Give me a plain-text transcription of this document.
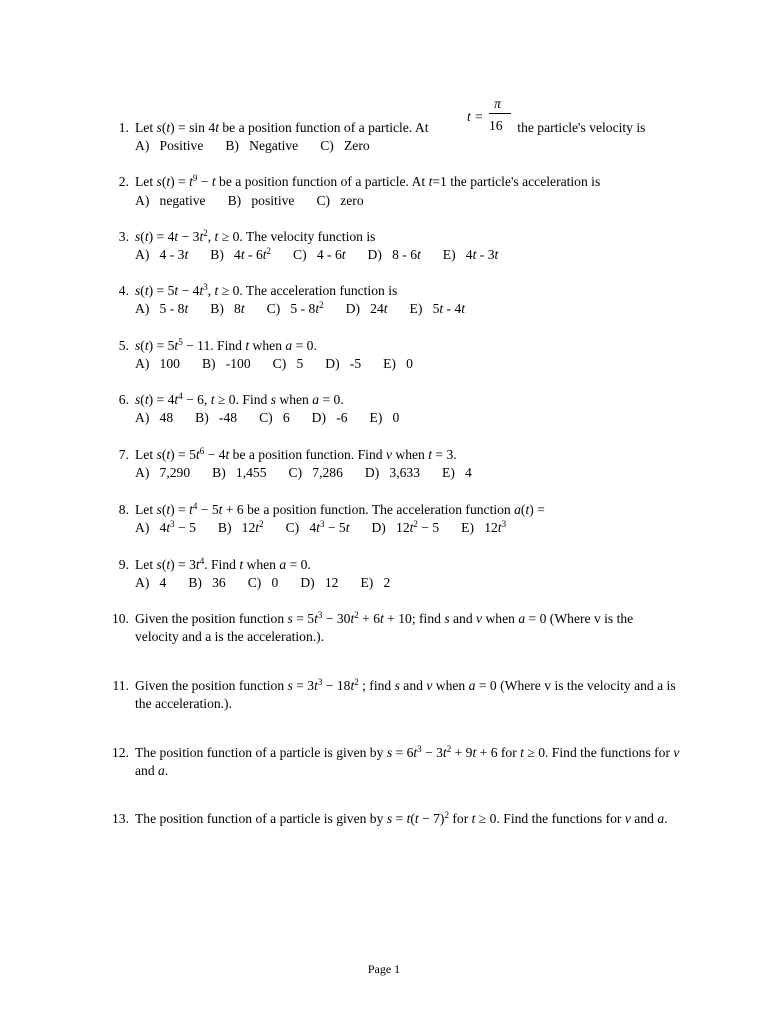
t =
π
16
1. Let s(t) = sin 4t be a position function of a particle. At	the particle's velocity is
A)   Positive B)   Negative C)   Zero
2. Let $s(t) = t^9 - t$ be a position function of a particle. At t=1 the particle's acceleration is
A)   negative B)   positive C)   zero
3. $s(t) = 4t - 3t^2$, t ≥ 0. The velocity function is
A)   4 - 3t B)   $4t - 6t^2$ C)   4 - 6t D)   8 - 6t E)   4t - 3t
4. $s(t) = 5t - 4t^3$, t ≥ 0. The acceleration function is
A)   5 - 8t B)   8t C)   $5 - 8t^2$ D)   24t E)   5t - 4t
5. $s(t) = 5t^5 - 11$. Find t when a = 0.
A)   100 B)   -100 C)   5 D)   -5 E)   0
6. $s(t) = 4t^4 - 6$, t ≥ 0. Find s when a = 0.
A)   48 B)   -48 C)   6 D)   -6 E)   0
7. Let $s(t) = 5t^6 - 4t$ be a position function. Find v when t = 3.
A)   7,290 B)   1,455 C)   7,286 D)   3,633 E)   4
8. Let $s(t) = t^4 - 5t + 6$ be a position function. The acceleration function a(t) =
A)   $4t^3 - 5$ B)   $12t^2$ C)   $4t^3 - 5t$ D)   $12t^2 - 5$ E)   $12t^3$
9. Let $s(t) = 3t^4$. Find t when a = 0.
A)   4 B)   36 C)   0 D)   12 E)   2
10. Given the position function $s = 5t^3 - 30t^2 + 6t + 10$; find s and v when a = 0 (Where v is the velocity and a is the acceleration.).
11. Given the position function $s = 3t^3 - 18t^2$ ; find s and v when a = 0 (Where v is the velocity and a is the acceleration.).
12. The position function of a particle is given by $s = 6t^3 - 3t^2 + 9t + 6$ for t ≥ 0. Find the functions for v and a.
13. The position function of a particle is given by $s = t(t - 7)^2$ for t ≥ 0. Find the functions for v and a.
Page 1
